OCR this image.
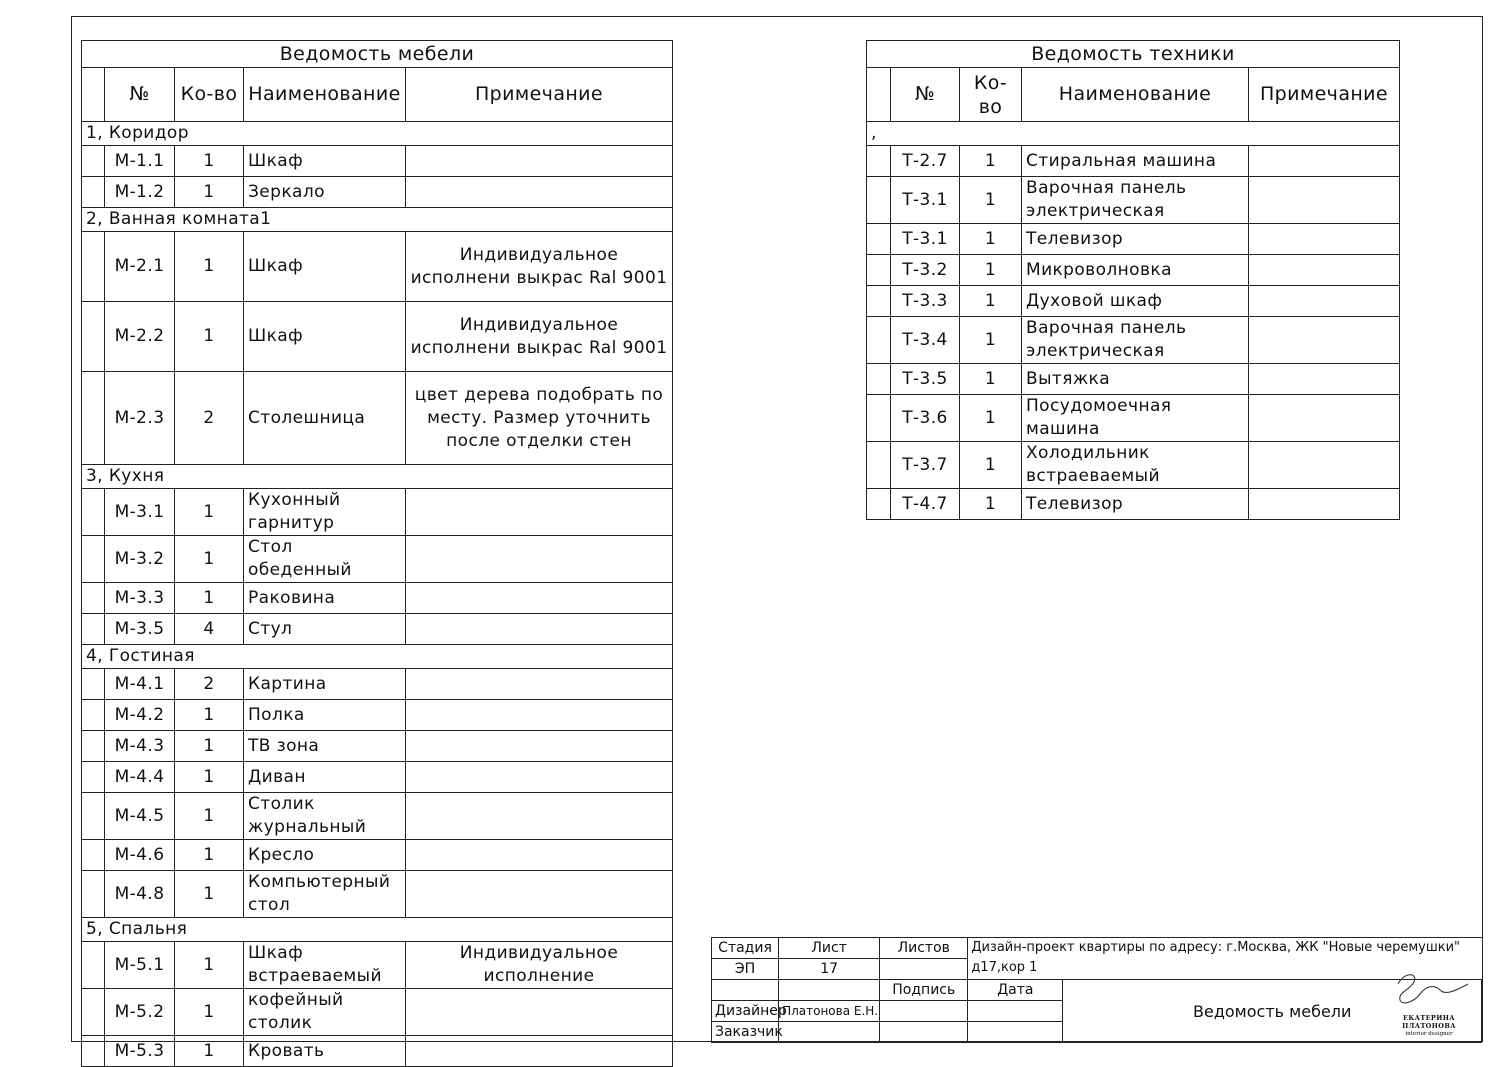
Ведомость мебели				
	№	Ко-во	Наименование	Примечание
1, Коридор				
	М-1.1	1	Шкаф	
	М-1.2	1	Зеркало	
2, Ванная комната1				
	М-2.1	1	Шкаф	Индивидуальное исполнени выкрас Ral 9001
	М-2.2	1	Шкаф	Индивидуальное исполнени выкрас Ral 9001
	М-2.3	2	Столешница	цвет дерева подобрать по месту. Размер уточнить после отделки стен
3, Кухня				
	М-3.1	1	Кухонный гарнитур	
	М-3.2	1	Стол обеденный	
	М-3.3	1	Раковина	
	М-3.5	4	Стул	
4, Гостиная				
	М-4.1	2	Картина	
	М-4.2	1	Полка	
	М-4.3	1	ТВ зона	
	М-4.4	1	Диван	
	М-4.5	1	Столик журнальный	
	М-4.6	1	Кресло	
	М-4.8	1	Компьютерный стол	
5, Спальня				
	М-5.1	1	Шкаф встраеваемый	Индивидуальное исполнение
	М-5.2	1	кофейный столик	
	М-5.3	1	Кровать	
Ведомость техники				
	№	Ко-во	Наименование	Примечание
,				
	Т-2.7	1	Стиральная машина	
	Т-3.1	1	Варочная панель электрическая	
	Т-3.1	1	Телевизор	
	Т-3.2	1	Микроволновка	
	Т-3.3	1	Духовой шкаф	
	Т-3.4	1	Варочная панель электрическая	
	Т-3.5	1	Вытяжка	
	Т-3.6	1	Посудомоечная машина	
	Т-3.7	1	Холодильник встраеваемый	
	Т-4.7	1	Телевизор	
Стадия	Лист	Листов	Дизайн-проект квартиры по адресу: г.Москва, ЖК "Новые черемушки" д17,кор 1	
ЭП	17			
		Подпись	Дата	Ведомость мебели
Дизайнер	Платонова Е.Н.			
Заказчик				
ЕКАТЕРИНА
ПЛАТОНОВА
interior designer
